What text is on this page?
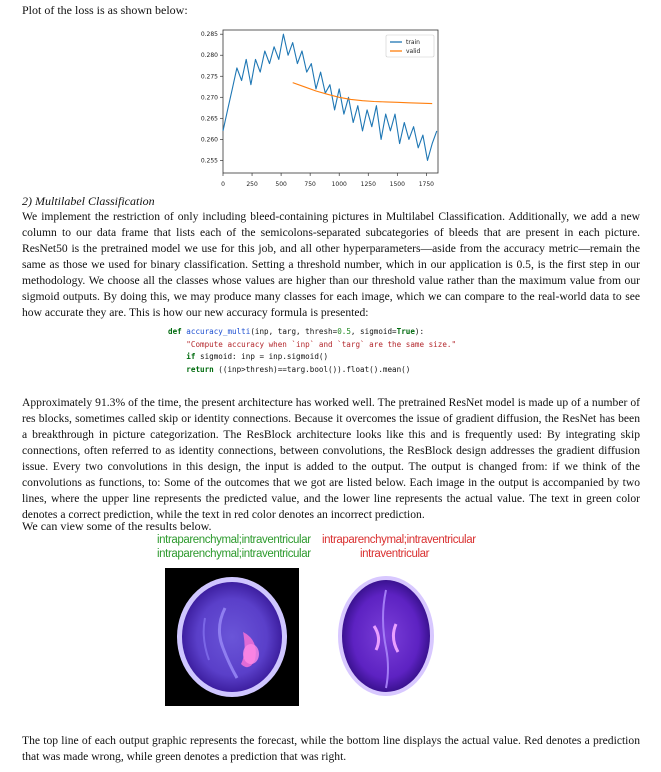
Plot of the loss is as shown below:
0	250	500	750	1000 1250 1500 1750
0.255
0.260
0.265
0.270
0.275
0.280
0.285
train
valid
2) Multilabel Classification

We implement the restriction of only including bleed-containing pictures in Multilabel Classification. Additionally, we add a new column to our data frame that lists each of the semicolons-separated subcategories of bleeds that are present in each picture. ResNet50 is the pretrained model we use for this job, and all other hyperparameters—aside from the accuracy metric—remain the same as those we used for binary classification. Setting a threshold number, which in our application is 0.5, is the first step in our methodology. We choose all the classes whose values are higher than our threshold value rather than the maximum value from our sigmoid outputs. By doing this, we may produce many classes for each image, which we can compare to the real-world data to see how accurate they are. This is how our new accuracy formula is presented:

def accuracy_multi(inp, targ, thresh=0.5, sigmoid=True):
"Compute accuracy when `inp` and `targ` are the same size."
if sigmoid: inp = inp.sigmoid()
return ((inp>thresh)==targ.bool()).float().mean()

Approximately 91.3% of the time, the present architecture has worked well. The pretrained ResNet model is made up of a number of res blocks, sometimes called skip or identity connections. Because it overcomes the issue of gradient diffusion, the ResNet has been a breakthrough in picture categorization. The ResBlock architecture looks like this and is frequently used: By integrating skip connections, often referred to as identity connections, between convolutions, the ResBlock design addresses the gradient diffusion issue. Every two convolutions in this design, the input is added to the output. The output is changed from: if we think of the convolutions as functions, to: Some of the outcomes that we got are listed below. Each image in the output is accompanied by two lines, where the upper line represents the predicted value, and the lower line represents the actual value. The text in green color denotes a correct prediction, while the text in red color denotes an incorrect prediction.

We can view some of the results below.
intraparenchymal;intraventricular
intraparenchymal;intraventricular
intraparenchymal;intraventricular
intraventricular

The top line of each output graphic represents the forecast, while the bottom line displays the actual value. Red denotes a prediction that was made wrong, while green denotes a prediction that was right.
